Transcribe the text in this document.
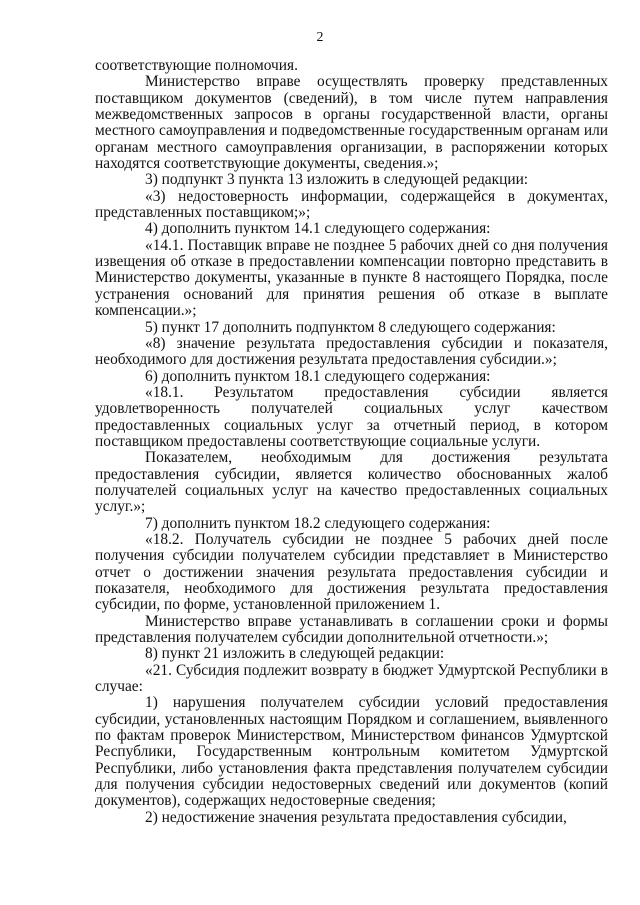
2

соответствующие полномочия.

Министерство вправе осуществлять проверку представленных поставщиком документов (сведений), в том числе путем направления межведомственных запросов в органы государственной власти, органы местного самоуправления и подведомственные государственным органам или органам местного самоуправления организации, в распоряжении которых находятся соответствующие документы, сведения.»;

3) подпункт 3 пункта 13 изложить в следующей редакции:

«3) недостоверность информации, содержащейся в документах, представленных поставщиком;»;

4) дополнить пунктом 14.1 следующего содержания:

«14.1. Поставщик вправе не позднее 5 рабочих дней со дня получения извещения об отказе в предоставлении компенсации повторно представить в Министерство документы, указанные в пункте 8 настоящего Порядка, после устранения оснований для принятия решения об отказе в выплате компенсации.»;

5) пункт 17 дополнить подпунктом 8 следующего содержания:

«8) значение результата предоставления субсидии и показателя, необходимого для достижения результата предоставления субсидии.»;

6) дополнить пунктом 18.1 следующего содержания:

«18.1. Результатом предоставления субсидии является удовлетворенность получателей социальных услуг качеством предоставленных социальных услуг за отчетный период, в котором поставщиком предоставлены соответствующие социальные услуги.

Показателем, необходимым для достижения результата предоставления субсидии, является количество обоснованных жалоб получателей социальных услуг на качество предоставленных социальных услуг.»;

7) дополнить пунктом 18.2 следующего содержания:

«18.2. Получатель субсидии не позднее 5 рабочих дней после получения субсидии получателем субсидии представляет в Министерство отчет о достижении значения результата предоставления субсидии и показателя, необходимого для достижения результата предоставления субсидии, по форме, установленной приложением 1.

Министерство вправе устанавливать в соглашении сроки и формы представления получателем субсидии дополнительной отчетности.»;

8) пункт 21 изложить в следующей редакции:

«21. Субсидия подлежит возврату в бюджет Удмуртской Республики в случае:

1) нарушения получателем субсидии условий предоставления субсидии, установленных настоящим Порядком и соглашением, выявленного по фактам проверок Министерством, Министерством финансов Удмуртской Республики, Государственным контрольным комитетом Удмуртской Республики, либо установления факта представления получателем субсидии для получения субсидии недостоверных сведений или документов (копий документов), содержащих недостоверные сведения;

2) недостижение значения результата предоставления субсидии,
